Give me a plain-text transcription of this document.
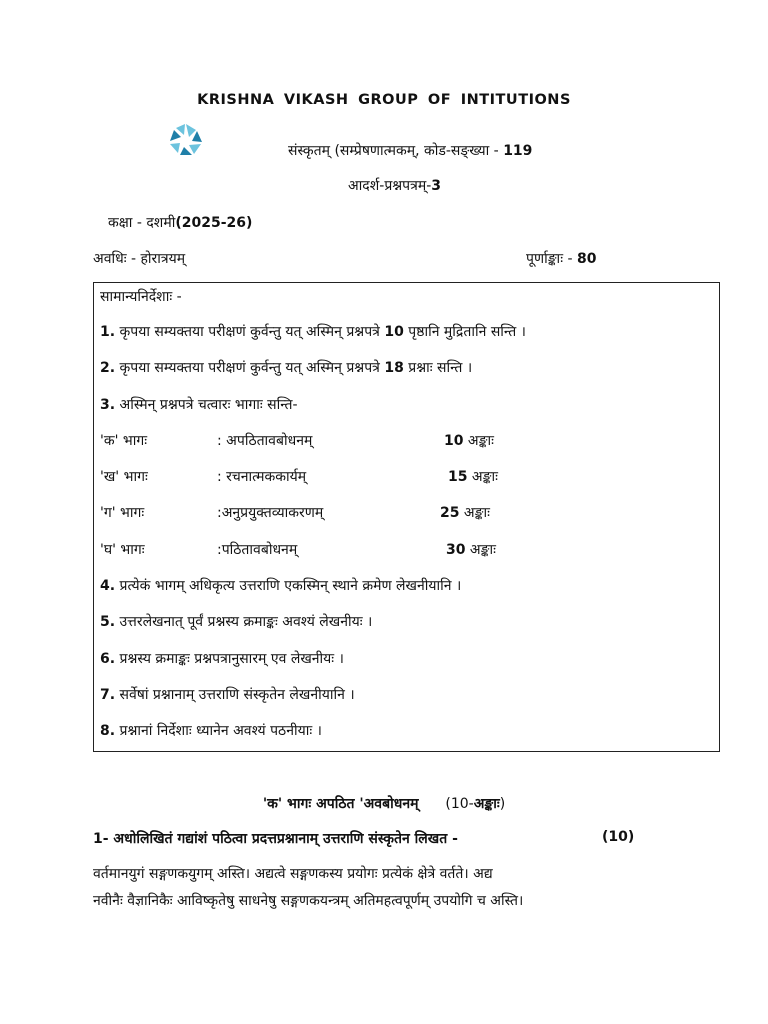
KRISHNA VIKASH GROUP OF INTITUTIONS
संस्कृतम् (सम्प्रेषणात्मकम्, कोड-सङ्ख्या - 119
आदर्श-प्रश्नपत्रम्-3
कक्षा - दशमी(2025-26)
अवधिः - होरात्रयम्	पूर्णाङ्काः - 80
सामान्यनिर्देशाः -
1. कृपया सम्यक्तया परीक्षणं कुर्वन्तु यत् अस्मिन् प्रश्नपत्रे 10 पृष्ठानि मुद्रितानि सन्ति ।
2. कृपया सम्यक्तया परीक्षणं कुर्वन्तु यत् अस्मिन् प्रश्नपत्रे 18 प्रश्नाः सन्ति ।
3. अस्मिन् प्रश्नपत्रे चत्वारः भागाः सन्ति-
'क' भागः	: अपठितावबोधनम्	10 अङ्काः
'ख' भागः	: रचनात्मककार्यम्	15 अङ्काः
'ग' भागः	:अनुप्रयुक्तव्याकरणम्	25 अङ्काः
'घ' भागः	:पठितावबोधनम्	30 अङ्काः
4. प्रत्येकं भागम् अधिकृत्य उत्तराणि एकस्मिन् स्थाने क्रमेण लेखनीयानि ।
5. उत्तरलेखनात् पूर्वं प्रश्नस्य क्रमाङ्कः अवश्यं लेखनीयः ।
6. प्रश्नस्य क्रमाङ्कः प्रश्नपत्रानुसारम् एव लेखनीयः ।
7. सर्वेषां प्रश्नानाम् उत्तराणि संस्कृतेन लेखनीयानि ।
8. प्रश्नानां निर्देशाः ध्यानेन अवश्यं पठनीयाः ।
'क' भागः अपठित 'अवबोधनम् (10-अङ्काः)
1- अधोलिखितं गद्यांशं पठित्वा प्रदत्तप्रश्नानाम् उत्तराणि संस्कृतेन लिखत -	(10)
वर्तमानयुगं सङ्गणकयुगम् अस्ति। अद्यत्वे सङ्गणकस्य प्रयोगः प्रत्येकं क्षेत्रे वर्तते। अद्य
नवीनैः वैज्ञानिकैः आविष्कृतेषु साधनेषु सङ्गणकयन्त्रम् अतिमहत्वपूर्णम् उपयोगि च अस्ति।
